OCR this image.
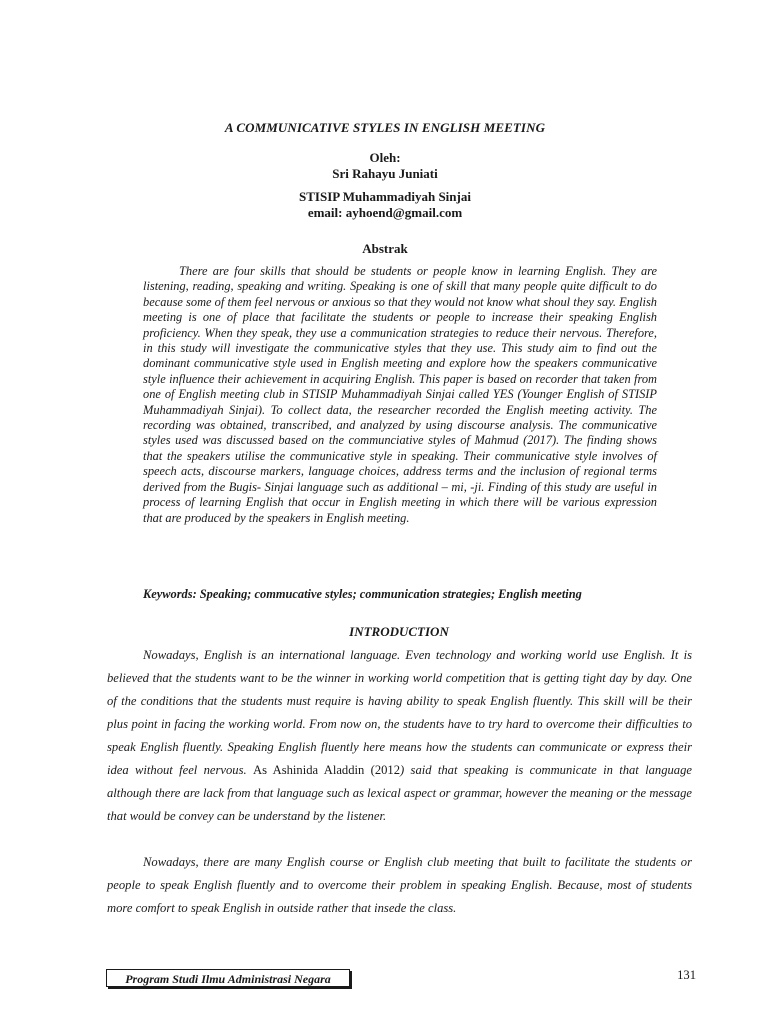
A COMMUNICATIVE STYLES IN ENGLISH MEETING
Oleh:
Sri Rahayu Juniati
STISIP Muhammadiyah Sinjai
email: ayhoend@gmail.com
Abstrak

There are four skills that should be students or people know in learning English. They are listening, reading, speaking and writing. Speaking is one of skill that many people quite difficult to do because some of them feel nervous or anxious so that they would not know what shoul they say. English meeting is one of place that facilitate the students or people to increase their speaking English proficiency. When they speak, they use a communication strategies to reduce their nervous. Therefore, in this study will investigate the communicative styles that they use. This study aim to find out the dominant communicative style used in English meeting and explore how the speakers communicative style influence their achievement in acquiring English. This paper is based on recorder that taken from one of English meeting club in STISIP Muhammadiyah Sinjai called YES (Younger English of STISIP Muhammadiyah Sinjai). To collect data, the researcher recorded the English meeting activity. The recording was obtained, transcribed, and analyzed by using discourse analysis. The communicative styles used was discussed based on the communciative styles of Mahmud (2017). The finding shows that the speakers utilise the communicative style in speaking. Their communicative style involves of speech acts, discourse markers, language choices, address terms and the inclusion of regional terms derived from the Bugis- Sinjai language such as additional – mi, -ji. Finding of this study are useful in process of learning English that occur in English meeting in which there will be various expression that are produced by the speakers in English meeting.

Keywords: Speaking; commucative styles; communication strategies; English meeting

INTRODUCTION

Nowadays, English is an international language. Even technology and working world use English. It is believed that the students want to be the winner in working world competition that is getting tight day by day. One of the conditions that the students must require is having ability to speak English fluently. This skill will be their plus point in facing the working world. From now on, the students have to try hard to overcome their difficulties to speak English fluently. Speaking English fluently here means how the students can communicate or express their idea without feel nervous. As Ashinida Aladdin (2012) said that speaking is communicate in that language although there are lack from that language such as lexical aspect or grammar, however the meaning or the message that would be convey can be understand by the listener.

Nowadays, there are many English course or English club meeting that built to facilitate the students or people to speak English fluently and to overcome their problem in speaking English. Because, most of students more comfort to speak English in outside rather that insede the class.

Program Studi Ilmu Administrasi Negara	131
